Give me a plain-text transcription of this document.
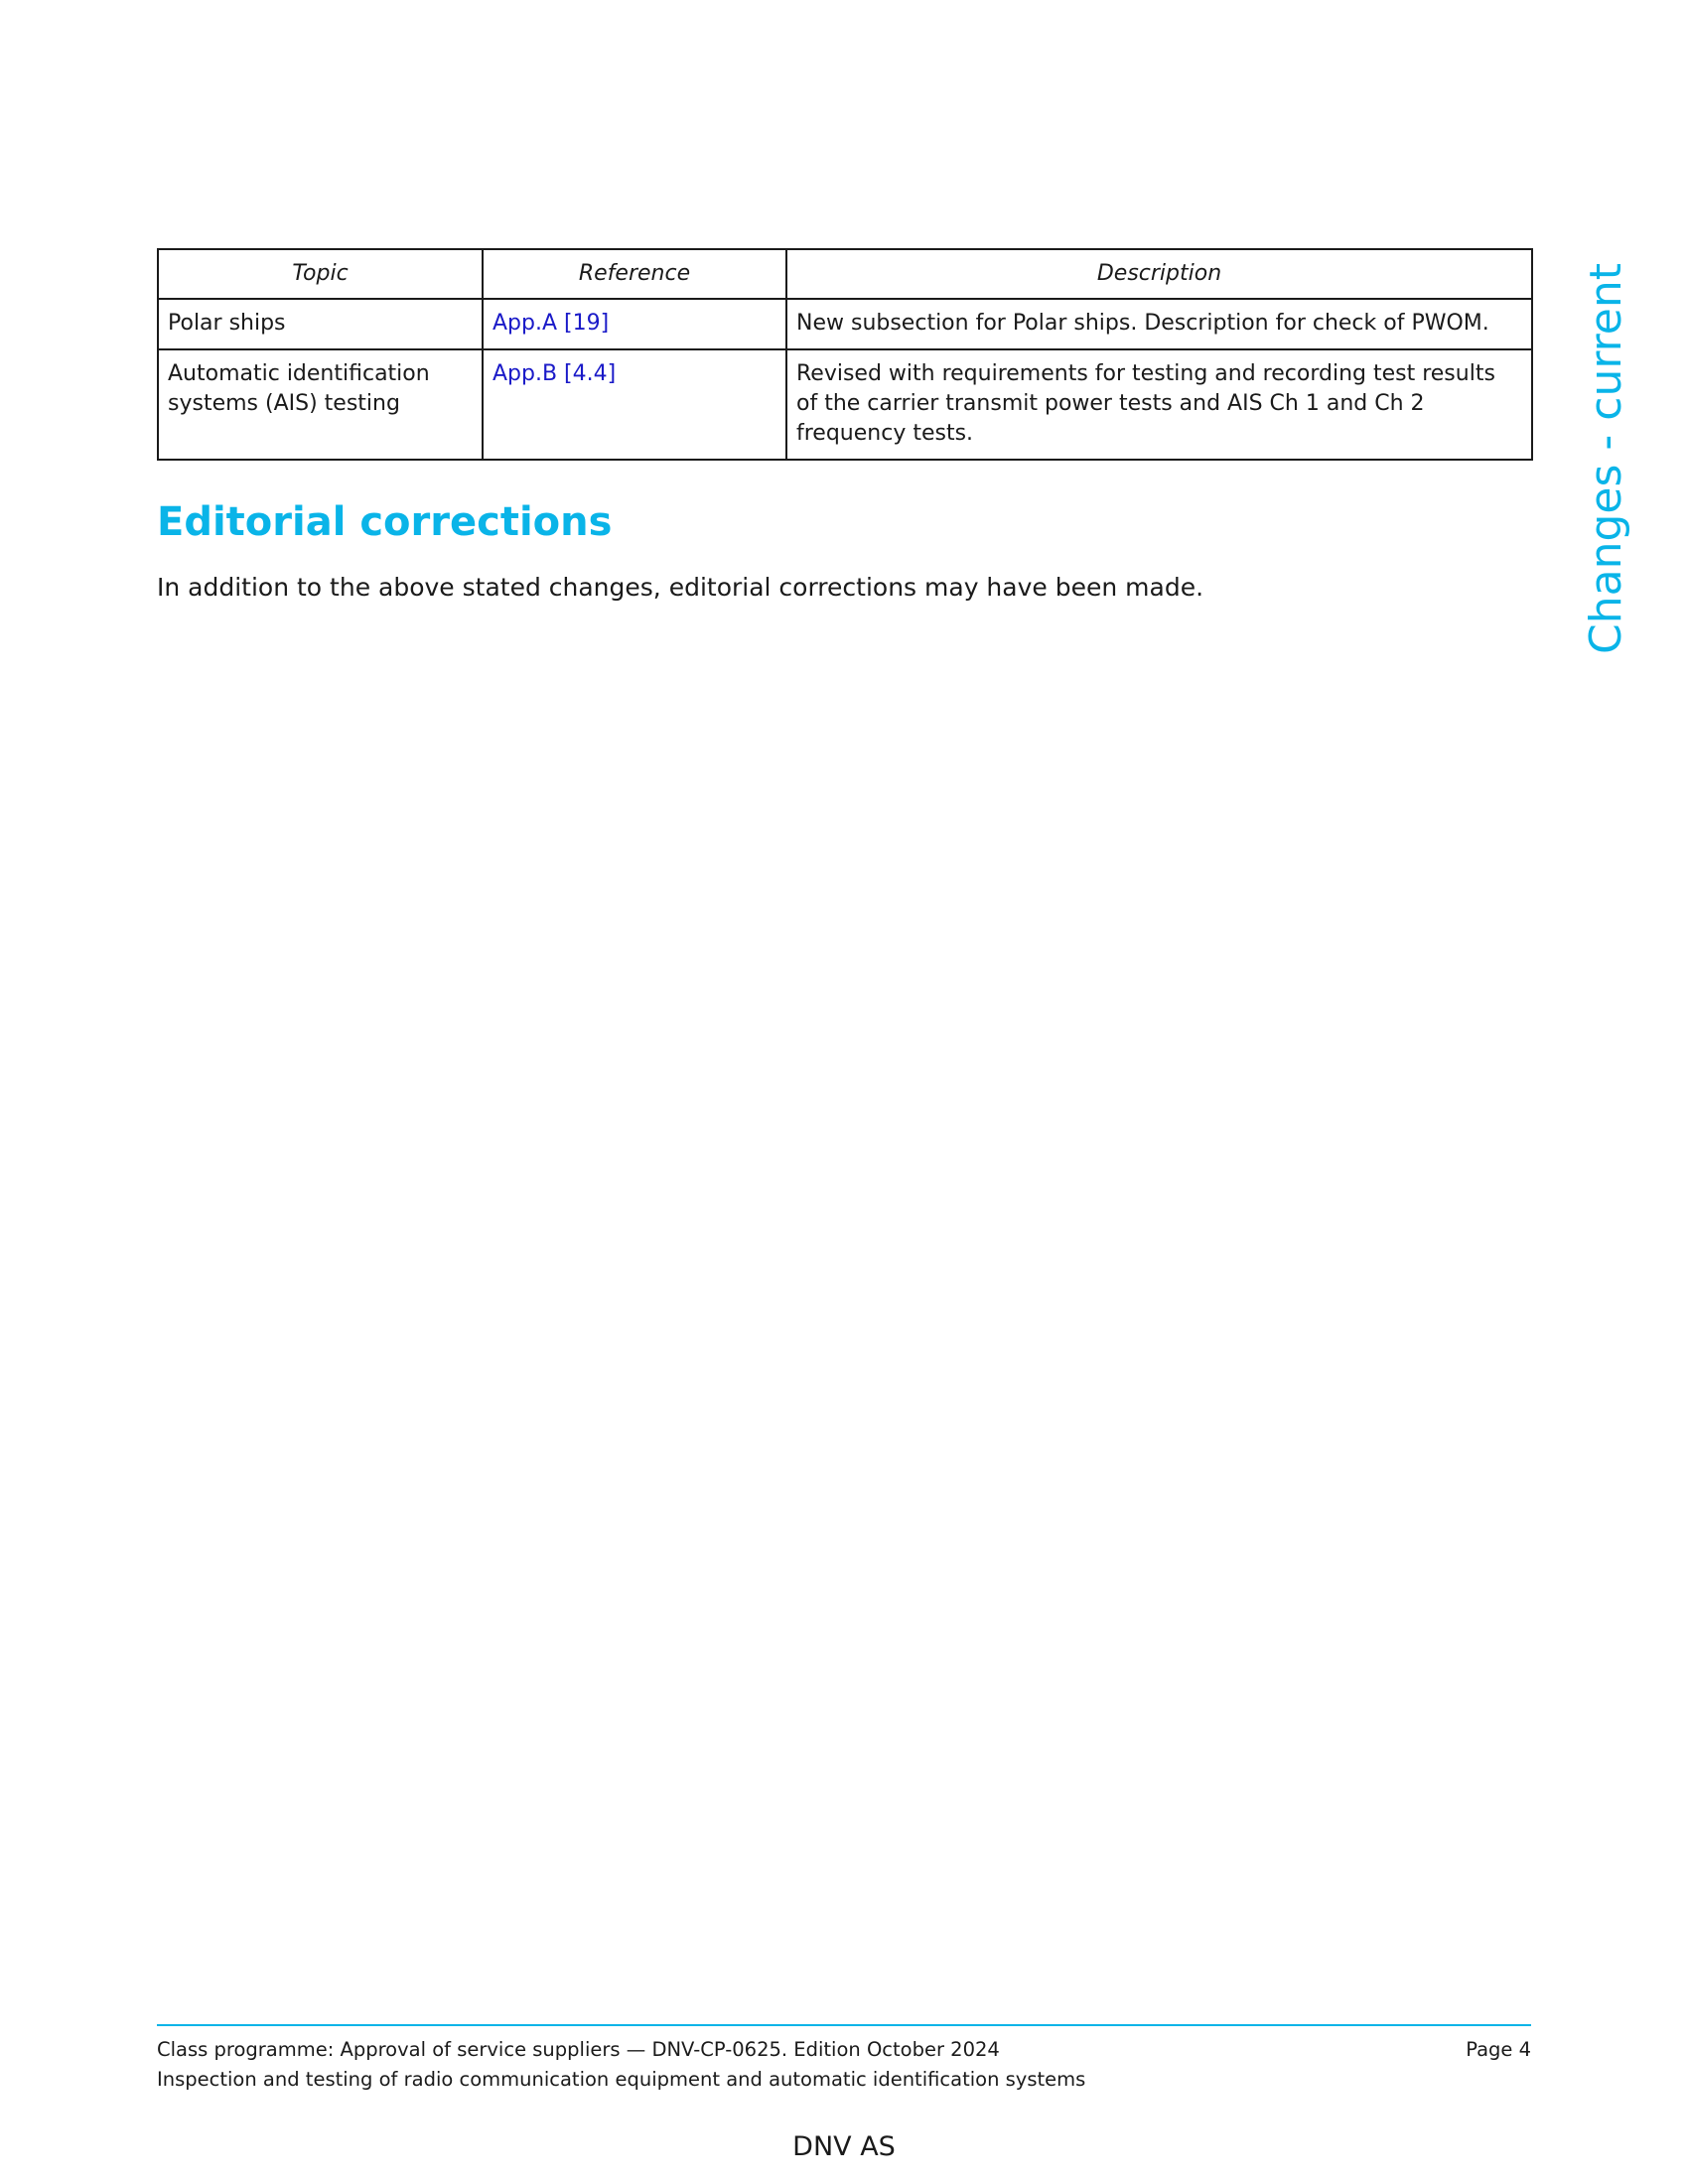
Topic	Reference	Description
Polar ships	App.A [19]	New subsection for Polar ships. Description for check of PWOM.
Automatic identification systems (AIS) testing	App.B [4.4]	Revised with requirements for testing and recording test results of the carrier transmit power tests and AIS Ch 1 and Ch 2 frequency tests.
Editorial corrections

In addition to the above stated changes, editorial corrections may have been made.	Changes - current
Class programme: Approval of service suppliers — DNV-CP-0625. Edition October 2024
Inspection and testing of radio communication equipment and automatic identification systems
Page 4
DNV AS
